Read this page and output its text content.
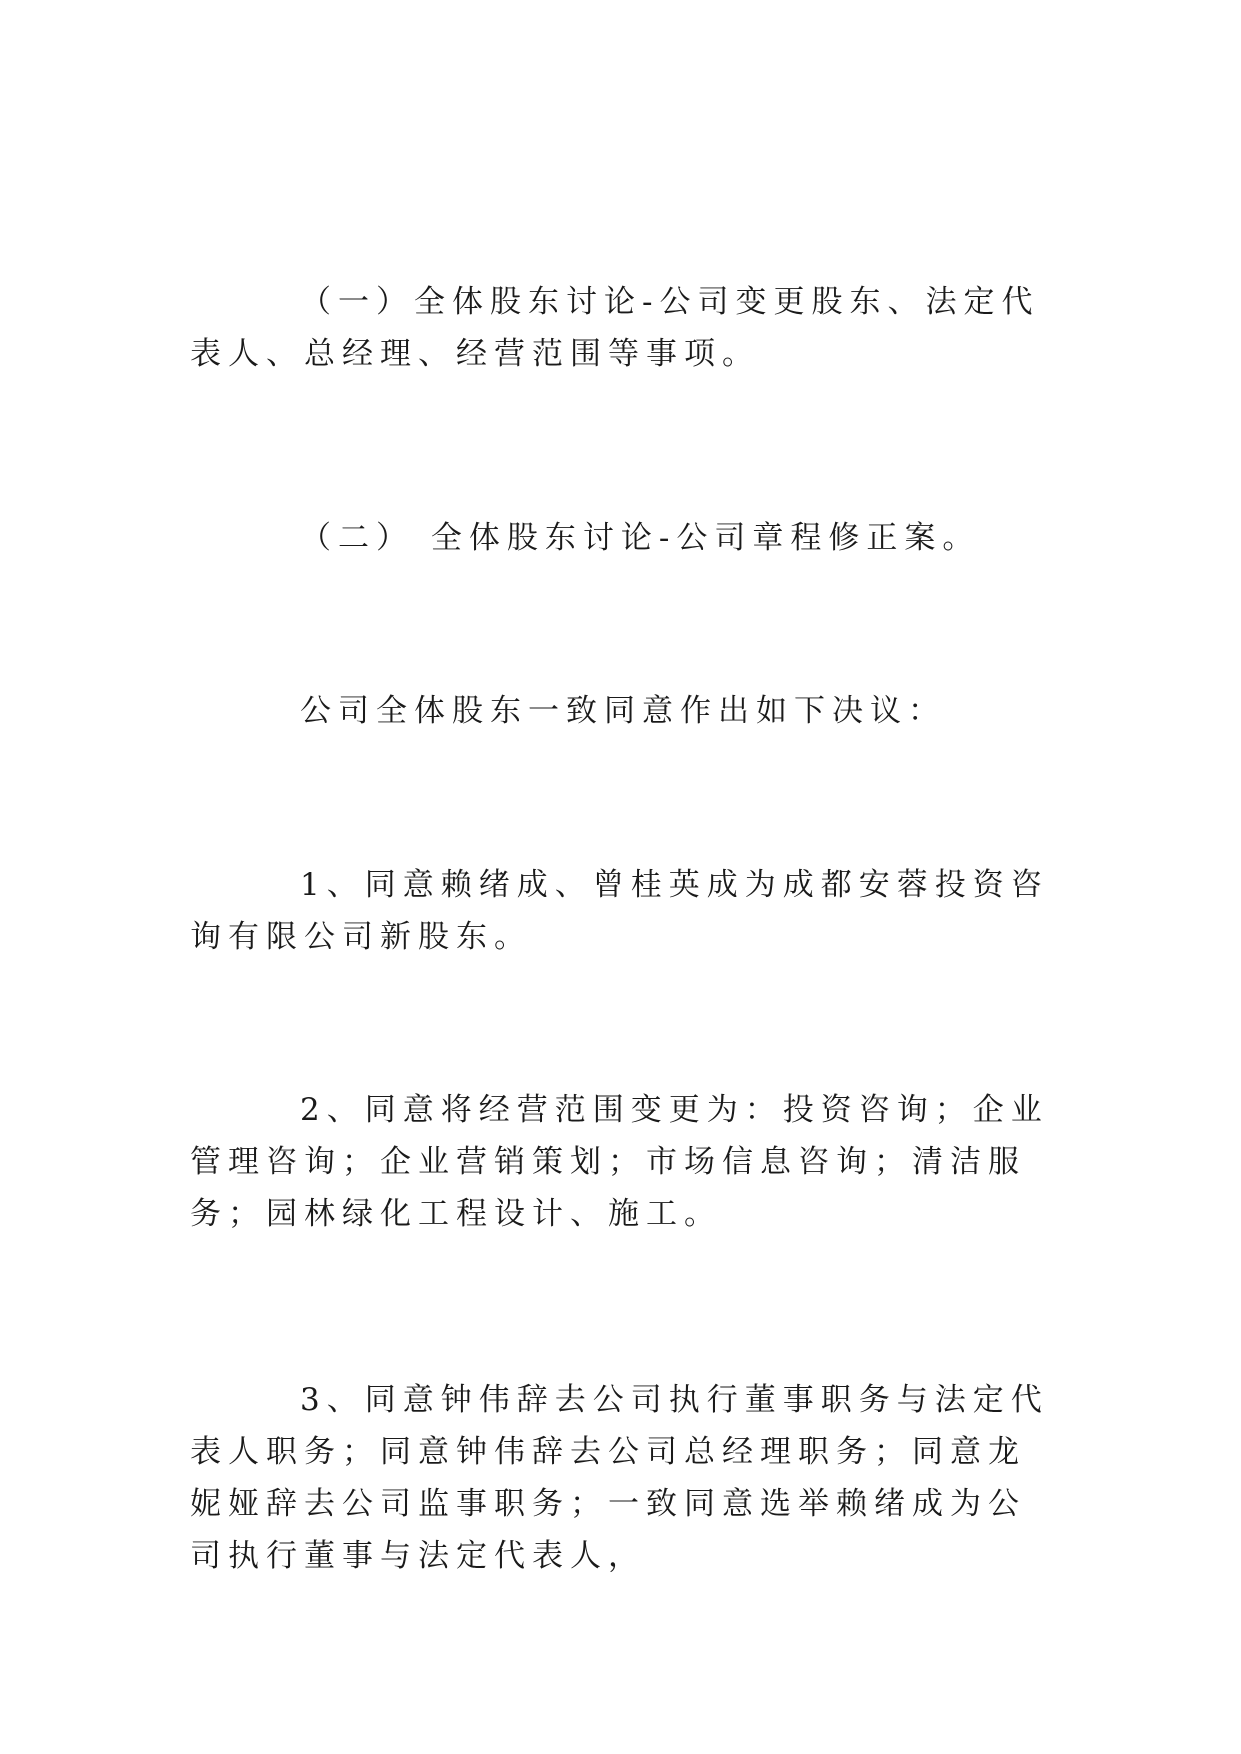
（一）全体股东讨论-公司变更股东、法定代表人、总经理、经营范围等事项。

（二） 全体股东讨论-公司章程修正案。

公司全体股东一致同意作出如下决议：

1、同意赖绪成、曾桂英成为成都安蓉投资咨询有限公司新股东。

2、同意将经营范围变更为：投资咨询；企业管理咨询；企业营销策划；市场信息咨询；清洁服务；园林绿化工程设计、施工。

3、同意钟伟辞去公司执行董事职务与法定代表人职务；同意钟伟辞去公司总经理职务；同意龙妮娅辞去公司监事职务；一致同意选举赖绪成为公司执行董事与法定代表人，
